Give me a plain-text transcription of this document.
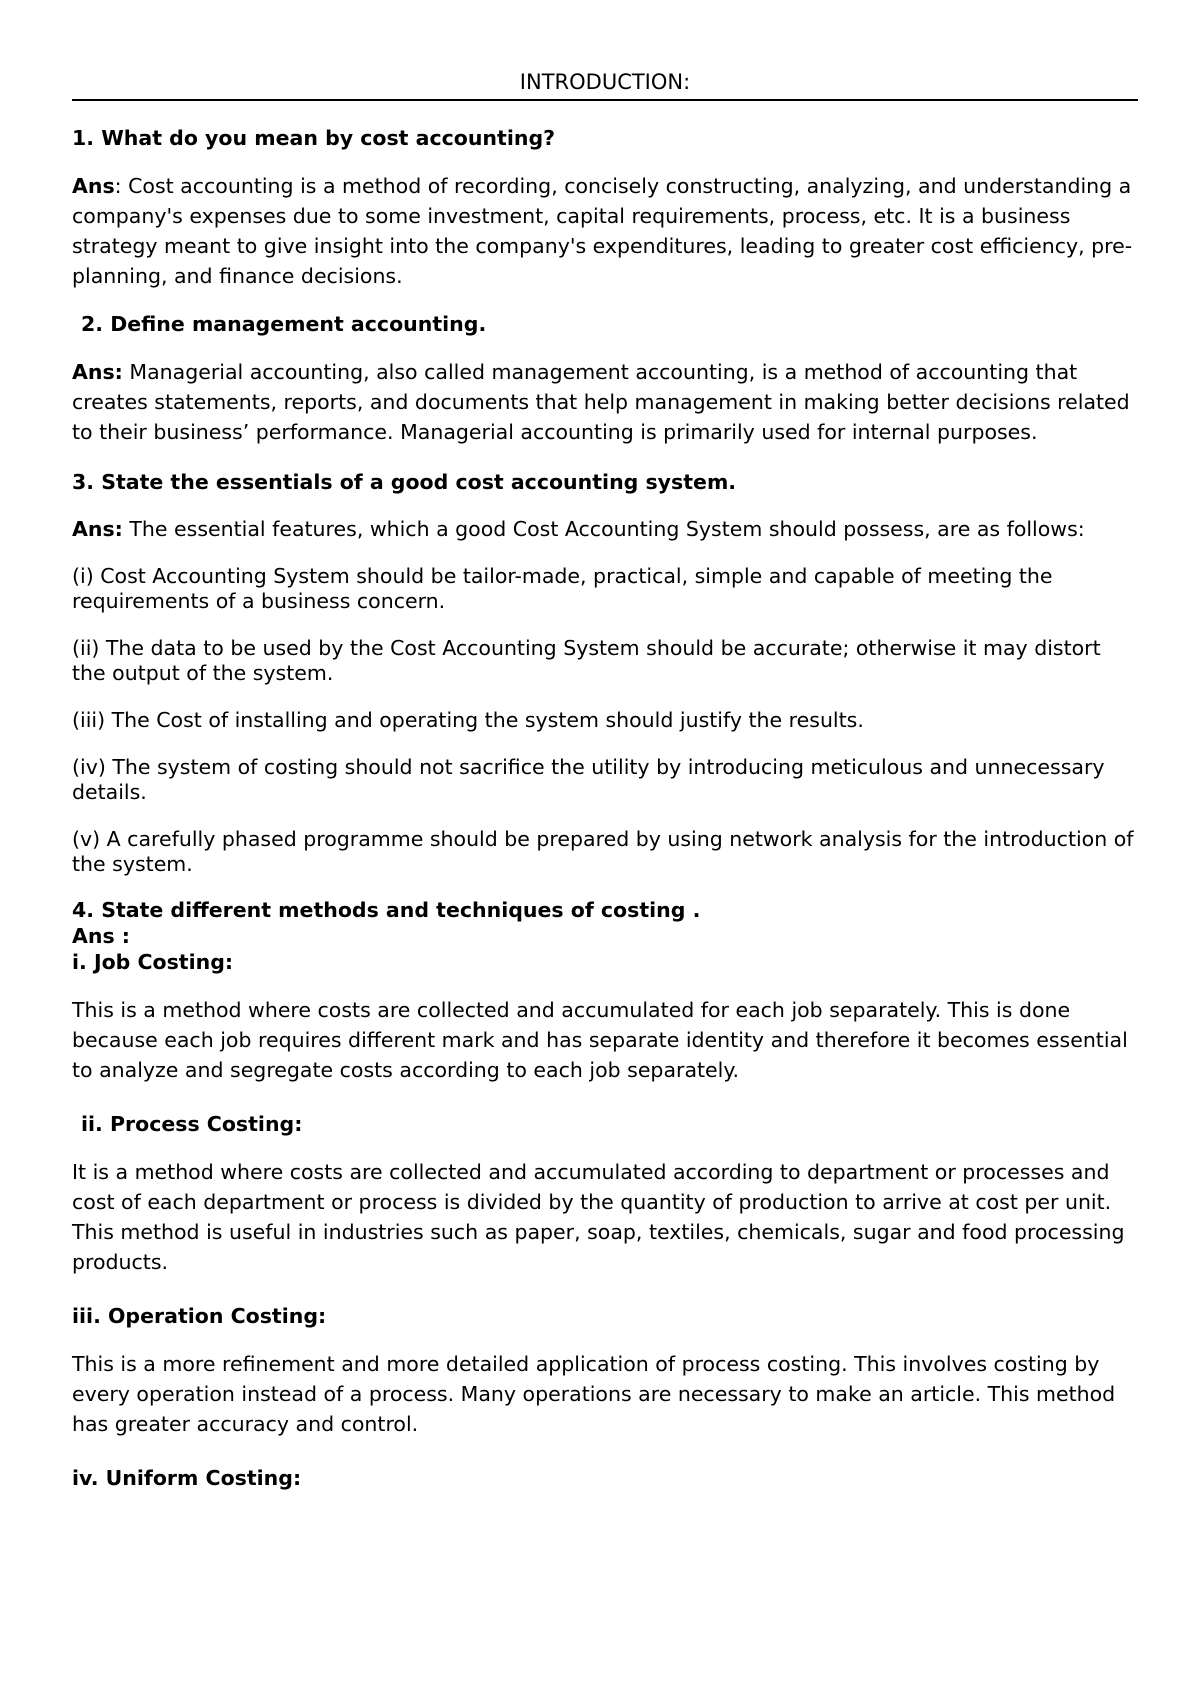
INTRODUCTION:
1. What do you mean by cost accounting?
Ans: Cost accounting is a method of recording, concisely constructing, analyzing, and understanding a company's expenses due to some investment, capital requirements, process, etc. It is a business strategy meant to give insight into the company's expenditures, leading to greater cost efficiency, pre-planning, and finance decisions.
2. Define management accounting.
Ans: Managerial accounting, also called management accounting, is a method of accounting that creates statements, reports, and documents that help management in making better decisions related to their business’ performance. Managerial accounting is primarily used for internal purposes.
3. State the essentials of a good cost accounting system.
Ans: The essential features, which a good Cost Accounting System should possess, are as follows:
(i) Cost Accounting System should be tailor-made, practical, simple and capable of meeting the requirements of a business concern.
(ii) The data to be used by the Cost Accounting System should be accurate; otherwise it may distort the output of the system.
(iii) The Cost of installing and operating the system should justify the results.
(iv) The system of costing should not sacrifice the utility by introducing meticulous and unnecessary details.
(v) A carefully phased programme should be prepared by using network analysis for the introduction of the system.
4. State different methods and techniques of costing .
Ans :
i. Job Costing:
This is a method where costs are collected and accumulated for each job separately. This is done because each job requires different mark and has separate identity and therefore it becomes essential to analyze and segregate costs according to each job separately.
ii. Process Costing:
It is a method where costs are collected and accumulated according to department or processes and cost of each department or process is divided by the quantity of production to arrive at cost per unit. This method is useful in industries such as paper, soap, textiles, chemicals, sugar and food processing products.
iii. Operation Costing:
This is a more refinement and more detailed application of process costing. This involves costing by every operation instead of a process. Many operations are necessary to make an article. This method has greater accuracy and control.
iv. Uniform Costing:
